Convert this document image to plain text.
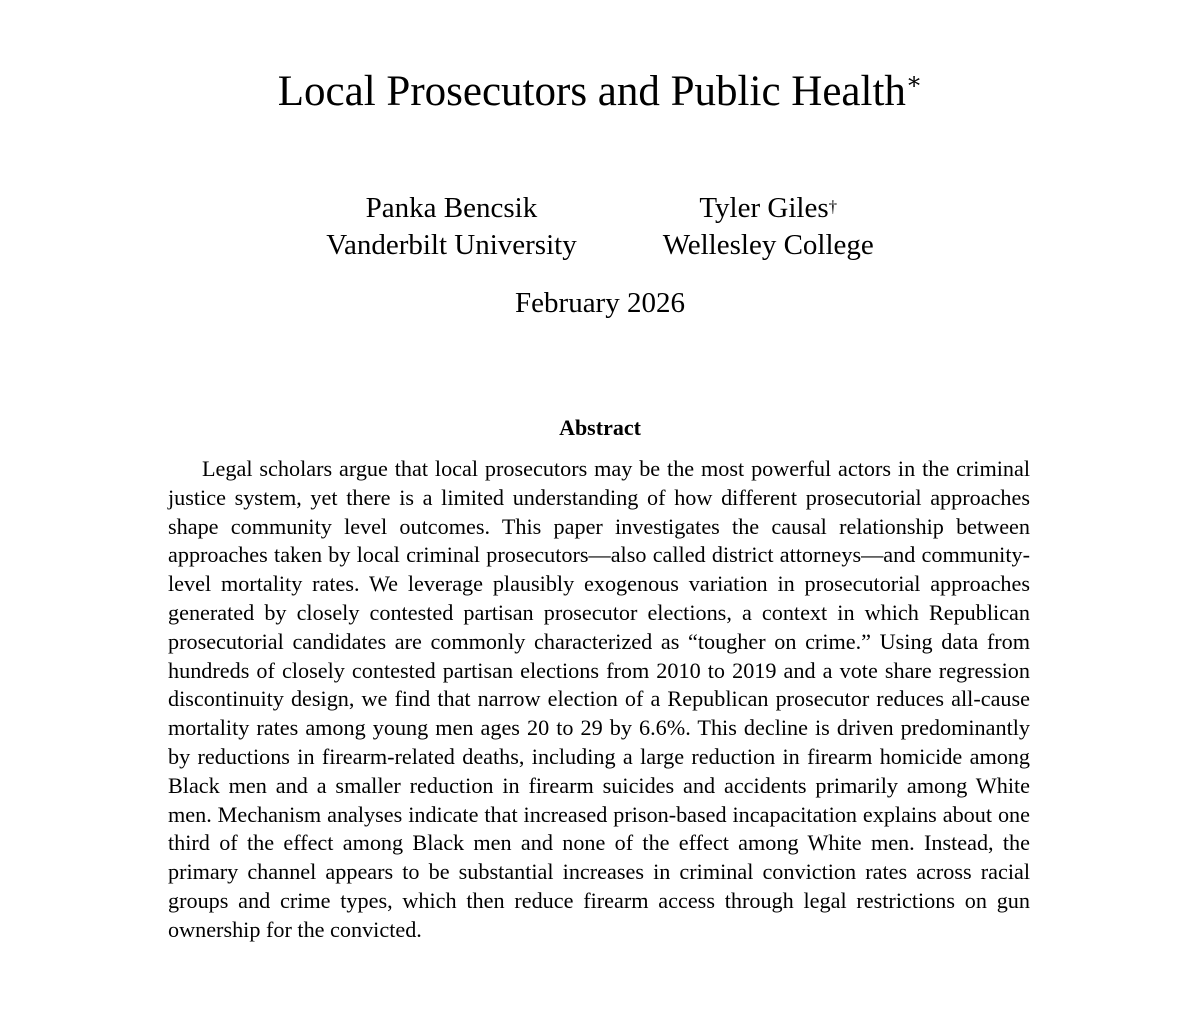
Local Prosecutors and Public Health∗
Panka Bencsik
Vanderbilt University
Tyler Giles†
Wellesley College
February 2026
Abstract

Legal scholars argue that local prosecutors may be the most powerful actors in the criminal justice system, yet there is a limited understanding of how different prosecutorial approaches shape community level outcomes. This paper investigates the causal relationship between approaches taken by local criminal prosecutors—also called district attorneys—and community-level mortality rates. We leverage plausibly exogenous variation in prosecutorial approaches generated by closely contested partisan prosecutor elections, a context in which Republican prosecutorial candidates are commonly characterized as “tougher on crime.” Using data from hundreds of closely contested partisan elections from 2010 to 2019 and a vote share regression discontinuity design, we find that narrow election of a Republican prosecutor reduces all-cause mortality rates among young men ages 20 to 29 by 6.6%. This decline is driven predominantly by reductions in firearm-related deaths, including a large reduction in firearm homicide among Black men and a smaller reduction in firearm suicides and accidents primarily among White men. Mechanism analyses indicate that increased prison-based incapacitation explains about one third of the effect among Black men and none of the effect among White men. Instead, the primary channel appears to be substantial increases in criminal conviction rates across racial groups and crime types, which then reduce firearm access through legal restrictions on gun ownership for the convicted.
